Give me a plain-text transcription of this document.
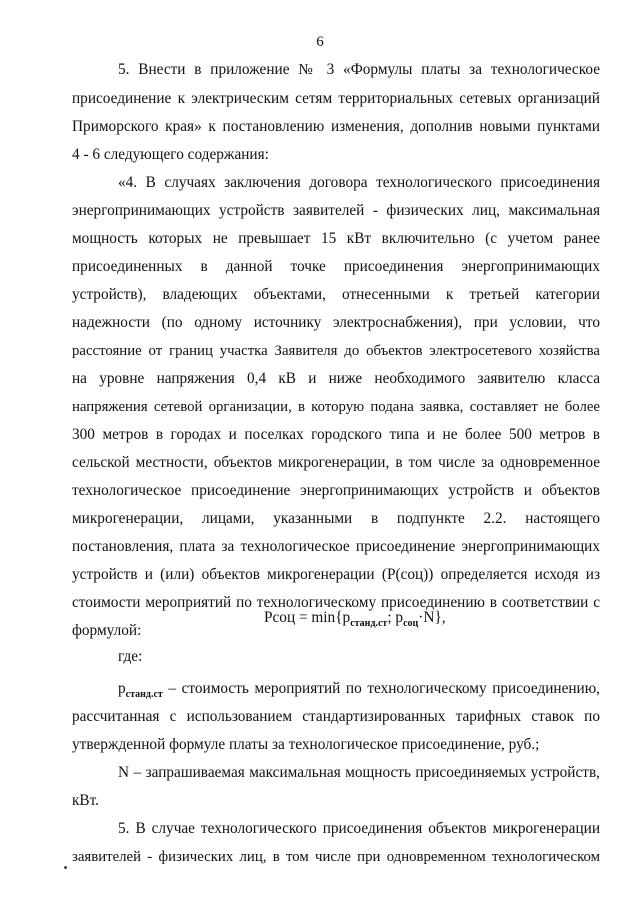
6
5. Внести в приложение № 3 «Формулы платы за технологическое
присоединение к электрическим сетям территориальных сетевых организаций
Приморского края» к постановлению изменения, дополнив новыми пунктами
4 - 6 следующего содержания:
«4. В случаях заключения договора технологического присоединения
энергопринимающих устройств заявителей - физических лиц, максимальная
мощность которых не превышает 15 кВт включительно (с учетом ранее
присоединенных в данной точке присоединения энергопринимающих
устройств), владеющих объектами, отнесенными к третьей категории
надежности (по одному источнику электроснабжения), при условии, что
расстояние от границ участка Заявителя до объектов электросетевого хозяйства
на уровне напряжения 0,4 кВ и ниже необходимого заявителю класса
напряжения сетевой организации, в которую подана заявка, составляет не более
300 метров в городах и поселках городского типа и не более 500 метров в
сельской местности, объектов микрогенерации, в том числе за одновременное
технологическое присоединение энергопринимающих устройств и объектов
микрогенерации, лицами, указанными в подпункте 2.2. настоящего
постановления, плата за технологическое присоединение энергопринимающих
устройств и (или) объектов микрогенерации (Р(соц)) определяется исходя из
стоимости мероприятий по технологическому присоединению в соответствии с
формулой:
Рсоц = $\min\{р_{станд.ст}$; $р_{соц}\cdot N$},
где:
$р_{станд.ст}$ – стоимость мероприятий по технологическому присоединению,
рассчитанная с использованием стандартизированных тарифных ставок по
утвержденной формуле платы за технологическое присоединение, руб.;
N – запрашиваемая максимальная мощность присоединяемых устройств,
кВт.
5. В случае технологического присоединения объектов микрогенерации
заявителей - физических лиц, в том числе при одновременном технологическом
